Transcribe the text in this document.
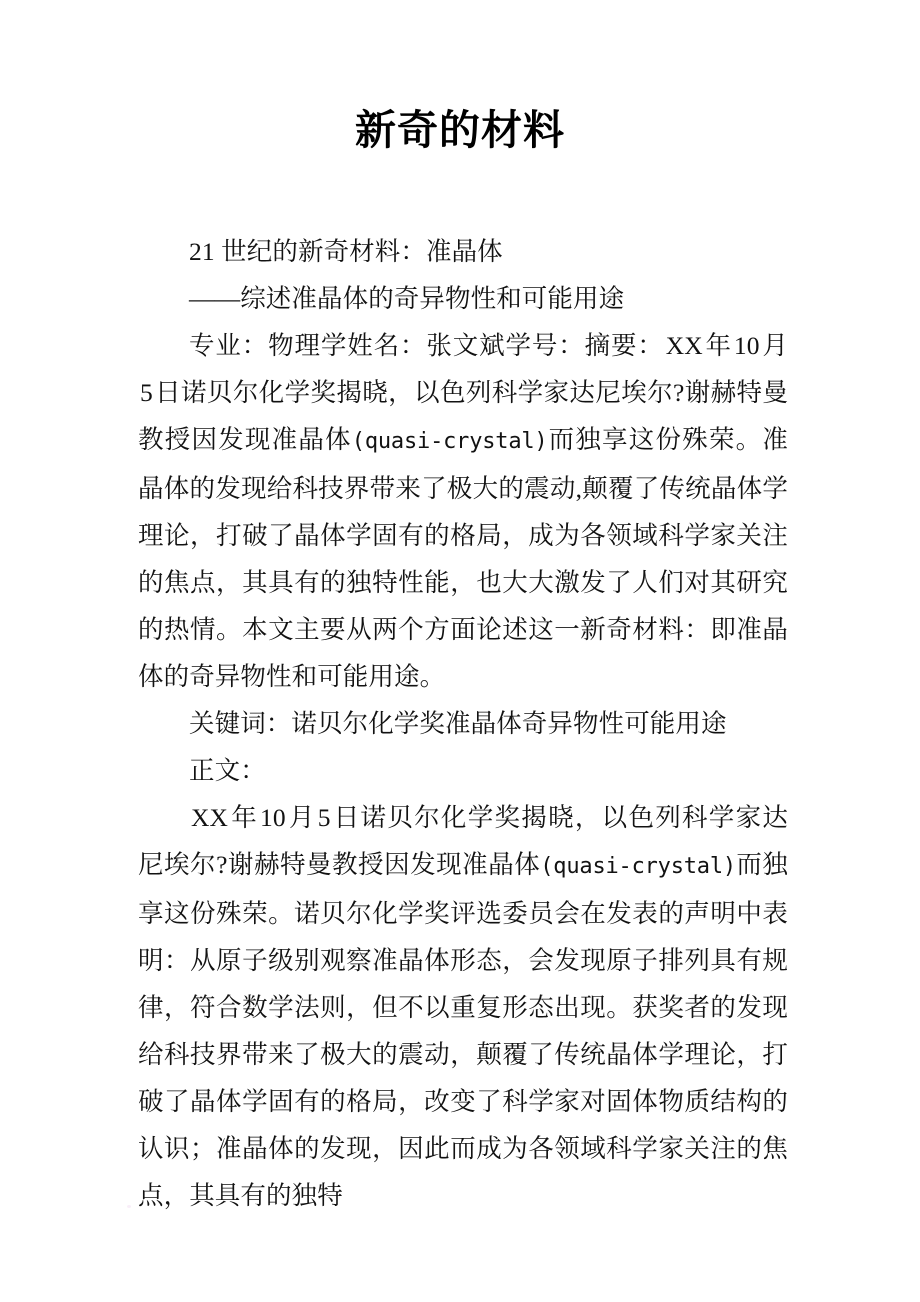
新奇的材料

21 世纪的新奇材料：准晶体

——综述准晶体的奇异物性和可能用途

专业：物理学姓名：张文斌学号：摘要：XX年10月5日诺贝尔化学奖揭晓，以色列科学家达尼埃尔?谢赫特曼教授因发现准晶体(quasi-crystal)而独享这份殊荣。准晶体的发现给科技界带来了极大的震动,颠覆了传统晶体学理论，打破了晶体学固有的格局，成为各领域科学家关注的焦点，其具有的独特性能，也大大激发了人们对其研究的热情。本文主要从两个方面论述这一新奇材料：即准晶体的奇异物性和可能用途。

关键词：诺贝尔化学奖准晶体奇异物性可能用途

正文：

XX年10月5日诺贝尔化学奖揭晓，以色列科学家达尼埃尔?谢赫特曼教授因发现准晶体(quasi-crystal)而独享这份殊荣。诺贝尔化学奖评选委员会在发表的声明中表明：从原子级别观察准晶体形态，会发现原子排列具有规律，符合数学法则，但不以重复形态出现。获奖者的发现给科技界带来了极大的震动，颠覆了传统晶体学理论，打破了晶体学固有的格局，改变了科学家对固体物质结构的认识；准晶体的发现，因此而成为各领域科学家关注的焦点，其具有的独特
